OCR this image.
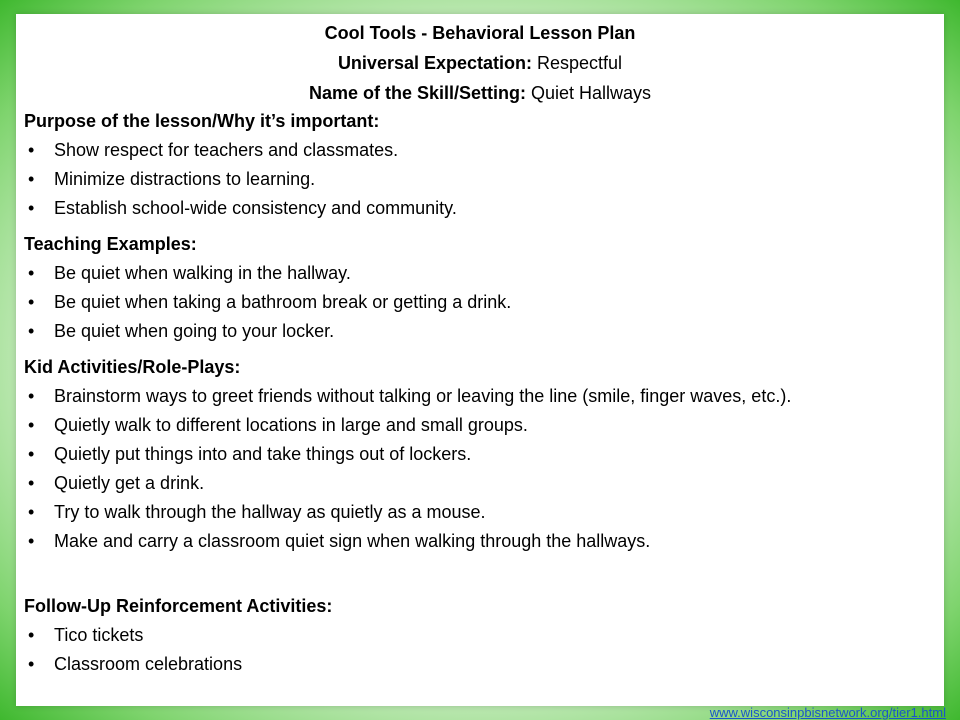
Cool Tools - Behavioral Lesson Plan
Universal Expectation: Respectful
Name of the Skill/Setting: Quiet Hallways

Purpose of the lesson/Why it’s important:

• Show respect for teachers and classmates.
• Minimize distractions to learning.
• Establish school-wide consistency and community.

Teaching Examples:

• Be quiet when walking in the hallway.
• Be quiet when taking a bathroom break or getting a drink.
• Be quiet when going to your locker.

Kid Activities/Role-Plays:

• Brainstorm ways to greet friends without talking or leaving the line (smile, finger waves, etc.).
• Quietly walk to different locations in large and small groups.
• Quietly put things into and take things out of lockers.
• Quietly get a drink.
• Try to walk through the hallway as quietly as a mouse.
• Make and carry a classroom quiet sign when walking through the hallways.

Follow-Up Reinforcement Activities:

• Tico tickets
• Classroom celebrations
www.wisconsinpbisnetwork.org/tier1.html
